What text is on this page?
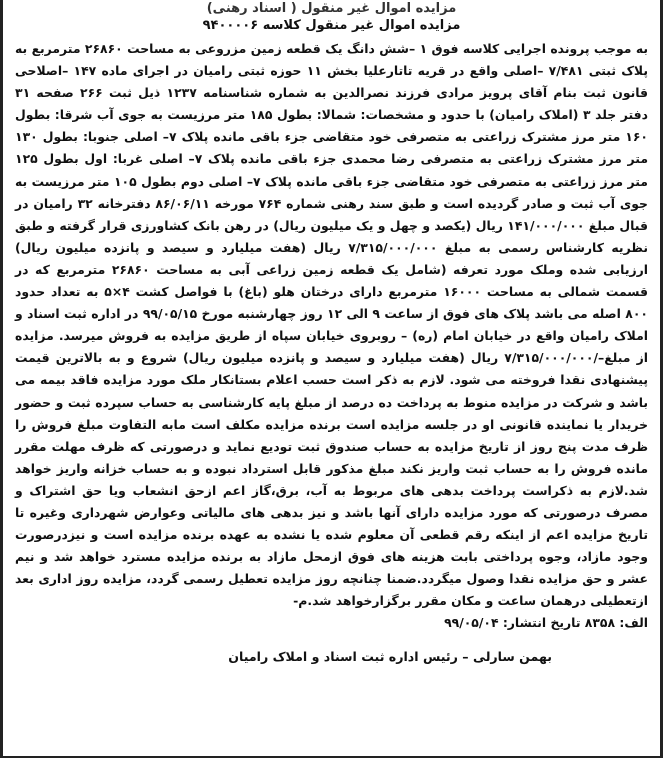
مزایده اموال غیر منقول ( اسناد رهنی)
مزایده اموال غیر منقول کلاسه ۹۴۰۰۰۰۶

به موجب پرونده اجرایی کلاسه فوق ۱ –شش دانگ یک قطعه زمین مزروعی به مساحت ۲۶۸۶۰ مترمربع به پلاک ثبتی ۷/۴۸۱ –اصلی واقع در قریه تاتارعلیا بخش ۱۱ حوزه ثبتی رامیان در اجرای ماده ۱۴۷ –اصلاحی قانون ثبت بنام آقای پرویز مرادی فرزند نصرالدین به شماره شناسنامه ۱۲۳۷ ذیل ثبت ۲۶۶ صفحه ۳۱ دفتر جلد ۳ (املاک رامیان) با حدود و مشخصات: شمالا: بطول ۱۸۵ متر مرزیست به جوی آب شرقا: بطول ۱۶۰ متر مرز مشترک زراعتی به متصرفی خود متقاضی جزء باقی مانده پلاک ۷– اصلی جنوبا: بطول ۱۳۰ متر مرز مشترک زراعتی به متصرفی رضا محمدی جزء باقی مانده پلاک ۷– اصلی غربا: اول بطول ۱۲۵ متر مرز زراعتی به متصرفی خود متقاضی جزء باقی مانده پلاک ۷– اصلی دوم بطول ۱۰۵ متر مرزیست به جوی آب ثبت و صادر گردیده است و طبق سند رهنی شماره ۷۶۴ مورخه ۸۶/۰۶/۱۱ دفترخانه ۳۲ رامیان در قبال مبلغ ۱۴۱/۰۰۰/۰۰۰ ریال (یکصد و چهل و یک میلیون ریال) در رهن بانک کشاورزی قرار گرفته و طبق نظریه کارشناس رسمی به مبلغ ۷/۳۱۵/۰۰۰/۰۰۰ ریال (هفت میلیارد و سیصد و پانزده میلیون ریال) ارزیابی شده وملک مورد تعرفه (شامل یک قطعه زمین زراعی آبی به مساحت ۲۶۸۶۰ مترمربع که در قسمت شمالی به مساحت ۱۶۰۰۰ مترمربع دارای درختان هلو (باغ) با فواصل کشت ۴×۵ به تعداد حدود ۸۰۰ اصله می باشد پلاک های فوق از ساعت ۹ الی ۱۲ روز چهارشنبه مورخ ۹۹/۰۵/۱۵ در اداره ثبت اسناد و املاک رامیان واقع در خیابان امام (ره) – روبروی خیابان سپاه از طریق مزایده به فروش میرسد. مزایده از مبلغ–/۷/۳۱۵/۰۰۰/۰۰۰ ریال (هفت میلیارد و سیصد و پانزده میلیون ریال) شروع و به بالاترین قیمت پیشنهادی نقدا فروخته می شود. لازم به ذکر است حسب اعلام بستانکار ملک مورد مزایده فاقد بیمه می باشد و شرکت در مزایده منوط به پرداخت ده درصد از مبلغ پایه کارشناسی به حساب سپرده ثبت و حضور خریدار یا نماینده قانونی او در جلسه مزایده است برنده مزایده مکلف است مابه التفاوت مبلغ فروش را ظرف مدت پنج روز از تاریخ مزایده به حساب صندوق ثبت تودیع نماید و درصورتی که ظرف مهلت مقرر مانده فروش را به حساب ثبت واریز نکند مبلغ مذکور قابل استرداد نبوده و به حساب خزانه واریز خواهد شد.لازم به ذکراست پرداخت بدهی های مربوط به آب، برق،گاز اعم ازحق انشعاب ویا حق اشتراک و مصرف درصورتی که مورد مزایده دارای آنها باشد و نیز بدهی های مالیاتی وعوارض شهرداری وغیره تا تاریخ مزایده اعم از اینکه رقم قطعی آن معلوم شده یا نشده به عهده برنده مزایده است و نیزدرصورت وجود مازاد، وجوه پرداختی بابت هزینه های فوق ازمحل مازاد به برنده مزایده مسترد خواهد شد و نیم عشر و حق مزایده نقدا وصول میگردد.ضمنا چنانچه روز مزایده تعطیل رسمی گردد، مزایده روز اداری بعد ازتعطیلی درهمان ساعت و مکان مقرر برگزارخواهد شد.م-

الف: ۸۳۵۸ تاریخ انتشار: ۹۹/۰۵/۰۴
بهمن سارلی – رئیس اداره ثبت اسناد و املاک رامیان
